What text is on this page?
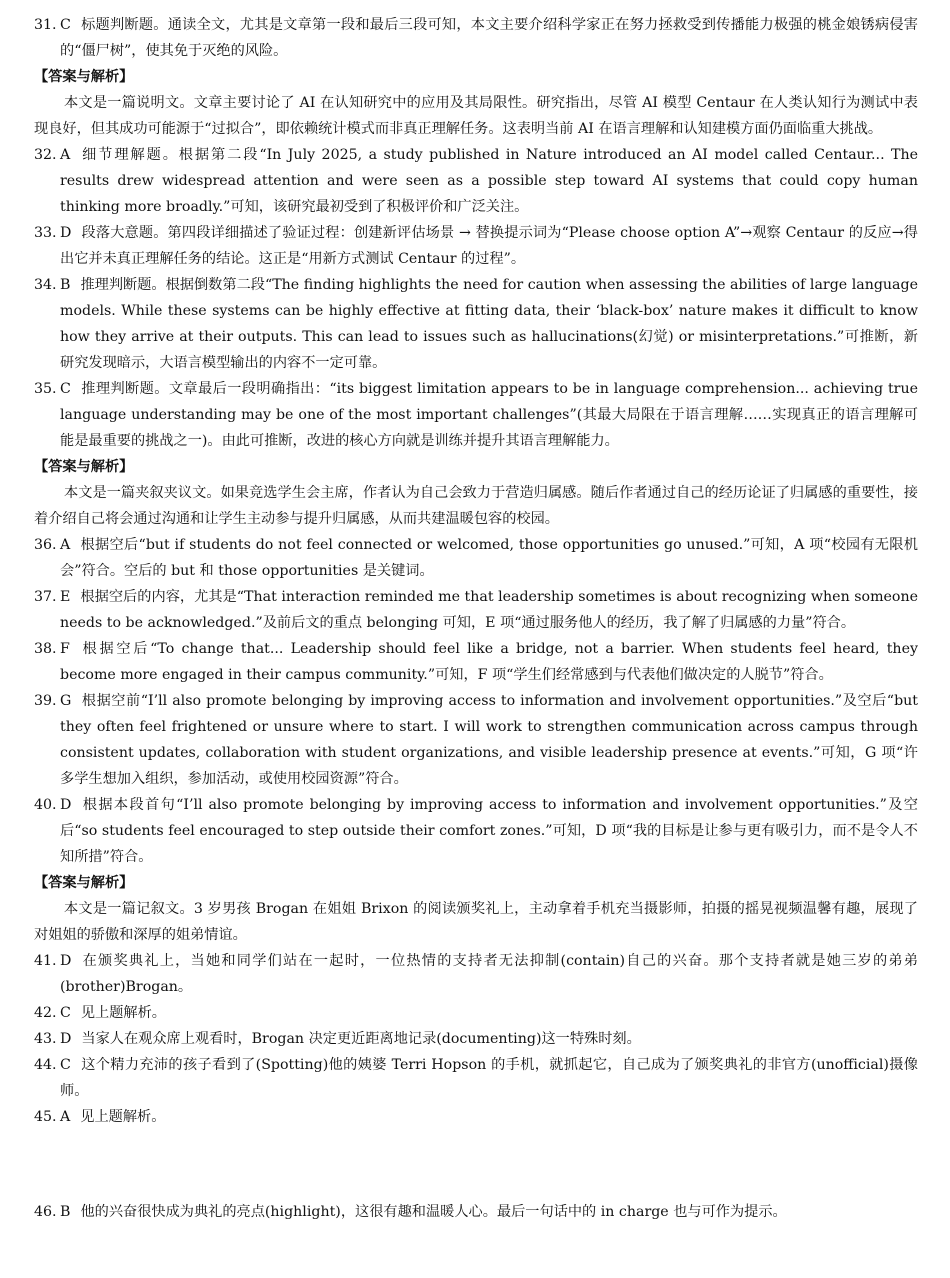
31. C 标题判断题。通读全文，尤其是文章第一段和最后三段可知，本文主要介绍科学家正在努力拯救受到传播能力极强的桃金娘锈病侵害的“僵尸树”，使其免于灭绝的风险。

【答案与解析】

本文是一篇说明文。文章主要讨论了 AI 在认知研究中的应用及其局限性。研究指出，尽管 AI 模型 Centaur 在人类认知行为测试中表现良好，但其成功可能源于“过拟合”，即依赖统计模式而非真正理解任务。这表明当前 AI 在语言理解和认知建模方面仍面临重大挑战。

32. A 细节理解题。根据第二段“In July 2025, a study published in Nature introduced an AI model called Centaur... The results drew widespread attention and were seen as a possible step toward AI systems that could copy human thinking more broadly.”可知，该研究最初受到了积极评价和广泛关注。

33. D 段落大意题。第四段详细描述了验证过程：创建新评估场景 → 替换提示词为“Please choose option A”→观察 Centaur 的反应→得出它并未真正理解任务的结论。这正是“用新方式测试 Centaur 的过程”。

34. B 推理判断题。根据倒数第二段“The finding highlights the need for caution when assessing the abilities of large language models. While these systems can be highly effective at fitting data, their ‘black-box’ nature makes it difficult to know how they arrive at their outputs. This can lead to issues such as hallucinations(幻觉) or misinterpretations.”可推断，新研究发现暗示，大语言模型输出的内容不一定可靠。

35. C 推理判断题。文章最后一段明确指出：“its biggest limitation appears to be in language comprehension... achieving true language understanding may be one of the most important challenges”(其最大局限在于语言理解……实现真正的语言理解可能是最重要的挑战之一)。由此可推断，改进的核心方向就是训练并提升其语言理解能力。

【答案与解析】

本文是一篇夹叙夹议文。如果竞选学生会主席，作者认为自己会致力于营造归属感。随后作者通过自己的经历论证了归属感的重要性，接着介绍自己将会通过沟通和让学生主动参与提升归属感，从而共建温暖包容的校园。

36. A 根据空后“but if students do not feel connected or welcomed, those opportunities go unused.”可知，A 项“校园有无限机会”符合。空后的 but 和 those opportunities 是关键词。

37. E 根据空后的内容，尤其是“That interaction reminded me that leadership sometimes is about recognizing when someone needs to be acknowledged.”及前后文的重点 belonging 可知，E 项“通过服务他人的经历，我了解了归属感的力量”符合。

38. F 根据空后“To change that... Leadership should feel like a bridge, not a barrier. When students feel heard, they become more engaged in their campus community.”可知，F 项“学生们经常感到与代表他们做决定的人脱节”符合。

39. G 根据空前“I’ll also promote belonging by improving access to information and involvement opportunities.”及空后“but they often feel frightened or unsure where to start. I will work to strengthen communication across campus through consistent updates, collaboration with student organizations, and visible leadership presence at events.”可知，G 项“许多学生想加入组织，参加活动，或使用校园资源”符合。

40. D 根据本段首句“I’ll also promote belonging by improving access to information and involvement opportunities.”及空后“so students feel encouraged to step outside their comfort zones.”可知，D 项“我的目标是让参与更有吸引力，而不是令人不知所措”符合。

【答案与解析】

本文是一篇记叙文。3 岁男孩 Brogan 在姐姐 Brixon 的阅读颁奖礼上，主动拿着手机充当摄影师，拍摄的摇晃视频温馨有趣，展现了对姐姐的骄傲和深厚的姐弟情谊。

41. D 在颁奖典礼上，当她和同学们站在一起时，一位热情的支持者无法抑制(contain)自己的兴奋。那个支持者就是她三岁的弟弟(brother)Brogan。

42. C 见上题解析。

43. D 当家人在观众席上观看时，Brogan 决定更近距离地记录(documenting)这一特殊时刻。

44. C 这个精力充沛的孩子看到了(Spotting)他的姨婆 Terri Hopson 的手机，就抓起它，自己成为了颁奖典礼的非官方(unofficial)摄像师。

45. A 见上题解析。

46. B 他的兴奋很快成为典礼的亮点(highlight)，这很有趣和温暖人心。最后一句话中的 in charge 也与可作为提示。
